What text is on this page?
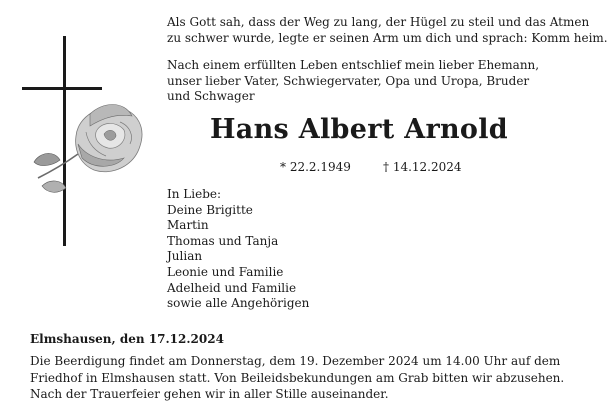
Als Gott sah, dass der Weg zu lang, der Hügel zu steil und das Atmen
zu schwer wurde, legte er seinen Arm um dich und sprach: Komm heim.
Nach einem erfüllten Leben entschlief mein lieber Ehemann,
unser lieber Vater, Schwiegervater, Opa und Uropa, Bruder
und Schwager
Hans Albert Arnold
* 22.2.1949	† 14.12.2024
In Liebe:
Deine Brigitte
Martin
Thomas und Tanja
Julian
Leonie und Familie
Adelheid und Familie
sowie alle Angehörigen
Elmshausen, den 17.12.2024
Die Beerdigung findet am Donnerstag, dem 19. Dezember 2024 um 14.00 Uhr auf dem
Friedhof in Elmshausen statt. Von Beileidsbekundungen am Grab bitten wir abzusehen.
Nach der Trauerfeier gehen wir in aller Stille auseinander.
